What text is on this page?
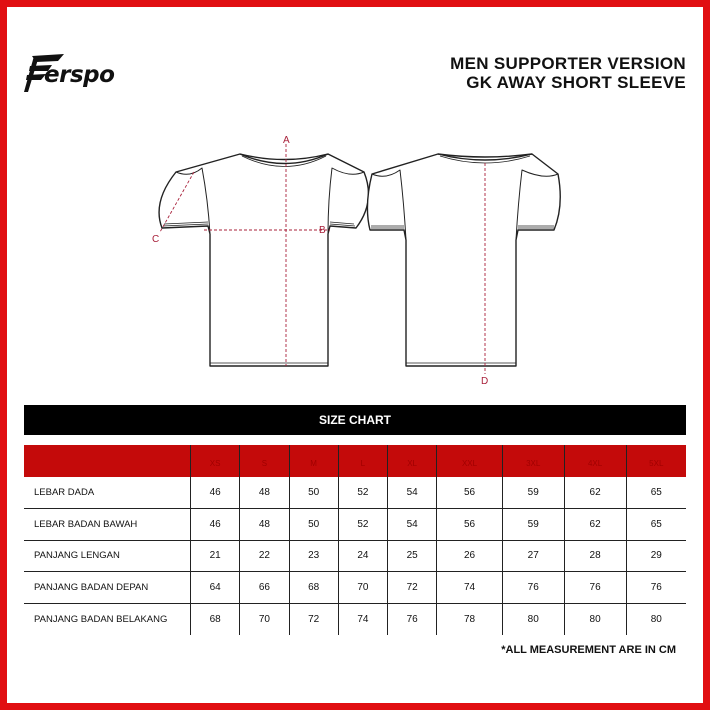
erspo	MEN SUPPORTER VERSION
GK AWAY SHORT SLEEVE
A
B
C
D
SIZE CHART
	XS	S	M	L	XL	XXL	3XL	4XL	5XL
LEBAR DADA	46	48	50	52	54	56	59	62	65
LEBAR BADAN BAWAH	46	48	50	52	54	56	59	62	65
PANJANG LENGAN	21	22	23	24	25	26	27	28	29
PANJANG BADAN DEPAN	64	66	68	70	72	74	76	76	76
PANJANG BADAN BELAKANG	68	70	72	74	76	78	80	80	80
*ALL MEASUREMENT ARE IN CM
